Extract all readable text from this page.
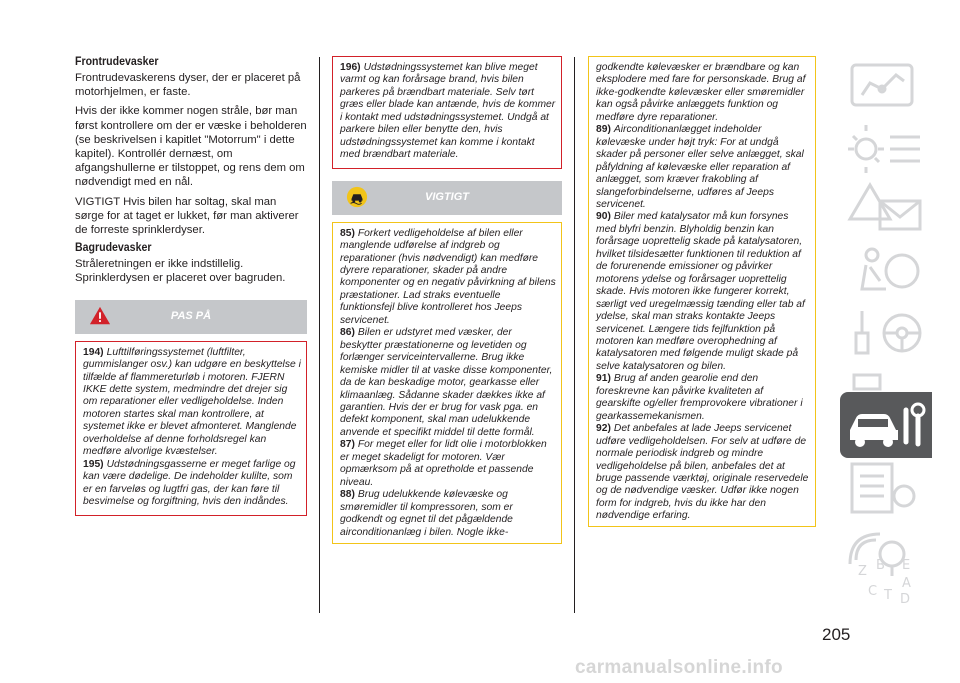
Frontrudevasker

Frontrudevaskerens dyser, der er placeret på motorhjelmen, er faste.

Hvis der ikke kommer nogen stråle, bør man først kontrollere om der er væske i beholderen (se beskrivelsen i kapitlet "Motorrum" i dette kapitel). Kontrollér dernæst, om afgangshullerne er tilstoppet, og rens dem om nødvendigt med en nål.

VIGTIGT Hvis bilen har soltag, skal man sørge for at taget er lukket, før man aktiverer de forreste sprinklerdyser.

Bagrudevasker

Stråleretningen er ikke indstillelig. Sprinklerdysen er placeret over bagruden.

PAS PÅ
194) Lufttilføringssystemet (luftfilter, gummislanger osv.) kan udgøre en beskyttelse i tilfælde af flammereturløb i motoren. FJERN IKKE dette system, medmindre det drejer sig om reparationer eller vedligeholdelse. Inden motoren startes skal man kontrollere, at systemet ikke er blevet afmonteret. Manglende overholdelse af denne forholdsregel kan medføre alvorlige kvæstelser.
195) Udstødningsgasserne er meget farlige og kan være dødelige. De indeholder kulilte, som er en farveløs og lugtfri gas, der kan føre til besvimelse og forgiftning, hvis den indåndes.
196) Udstødningssystemet kan blive meget varmt og kan forårsage brand, hvis bilen parkeres på brændbart materiale. Selv tørt græs eller blade kan antænde, hvis de kommer i kontakt med udstødningssystemet. Undgå at parkere bilen eller benytte den, hvis udstødningssystemet kan komme i kontakt med brændbart materiale.
VIGTIGT
85) Forkert vedligeholdelse af bilen eller manglende udførelse af indgreb og reparationer (hvis nødvendigt) kan medføre dyrere reparationer, skader på andre komponenter og en negativ påvirkning af bilens præstationer. Lad straks eventuelle funktionsfejl blive kontrolleret hos Jeeps servicenet.
86) Bilen er udstyret med væsker, der beskytter præstationerne og levetiden og forlænger serviceintervallerne. Brug ikke kemiske midler til at vaske disse komponenter, da de kan beskadige motor, gearkasse eller klimaanlæg. Sådanne skader dækkes ikke af garantien. Hvis der er brug for vask pga. en defekt komponent, skal man udelukkende anvende et specifikt middel til dette formål.
87) For meget eller for lidt olie i motorblokken er meget skadeligt for motoren. Vær opmærksom på at opretholde et passende niveau.
88) Brug udelukkende kølevæske og smøremidler til kompressoren, som er godkendt og egnet til det pågældende airconditionanlæg i bilen. Nogle ikke-
godkendte kølevæsker er brændbare og kan eksplodere med fare for personskade. Brug af ikke-godkendte kølevæsker eller smøremidler kan også påvirke anlæggets funktion og medføre dyre reparationer.
89) Airconditionanlægget indeholder kølevæske under højt tryk: For at undgå skader på personer eller selve anlægget, skal påfyldning af kølevæske eller reparation af anlægget, som kræver frakobling af slangeforbindelserne, udføres af Jeeps servicenet.
90) Biler med katalysator må kun forsynes med blyfri benzin. Blyholdig benzin kan forårsage uoprettelig skade på katalysatoren, hvilket tilsidesætter funktionen til reduktion af de forurenende emissioner og påvirker motorens ydelse og forårsager uoprettelig skade. Hvis motoren ikke fungerer korrekt, særligt ved uregelmæssig tænding eller tab af ydelse, skal man straks kontakte Jeeps servicenet. Længere tids fejlfunktion på motoren kan medføre overophedning af katalysatoren med følgende muligt skade på selve katalysatoren og bilen.
91) Brug af anden gearolie end den foreskrevne kan påvirke kvaliteten af gearskifte og/eller fremprovokere vibrationer i gearkassemekanismen.
92) Det anbefales at lade Jeeps servicenet udføre vedligeholdelsen. For selv at udføre de normale periodisk indgreb og mindre vedligeholdelse på bilen, anbefales det at bruge passende værktøj, originale reservedele og de nødvendige væsker. Udfør ikke nogen form for indgreb, hvis du ikke har den nødvendige erfaring.
Z B E
A
C T D
205
carmanualsonline.info
